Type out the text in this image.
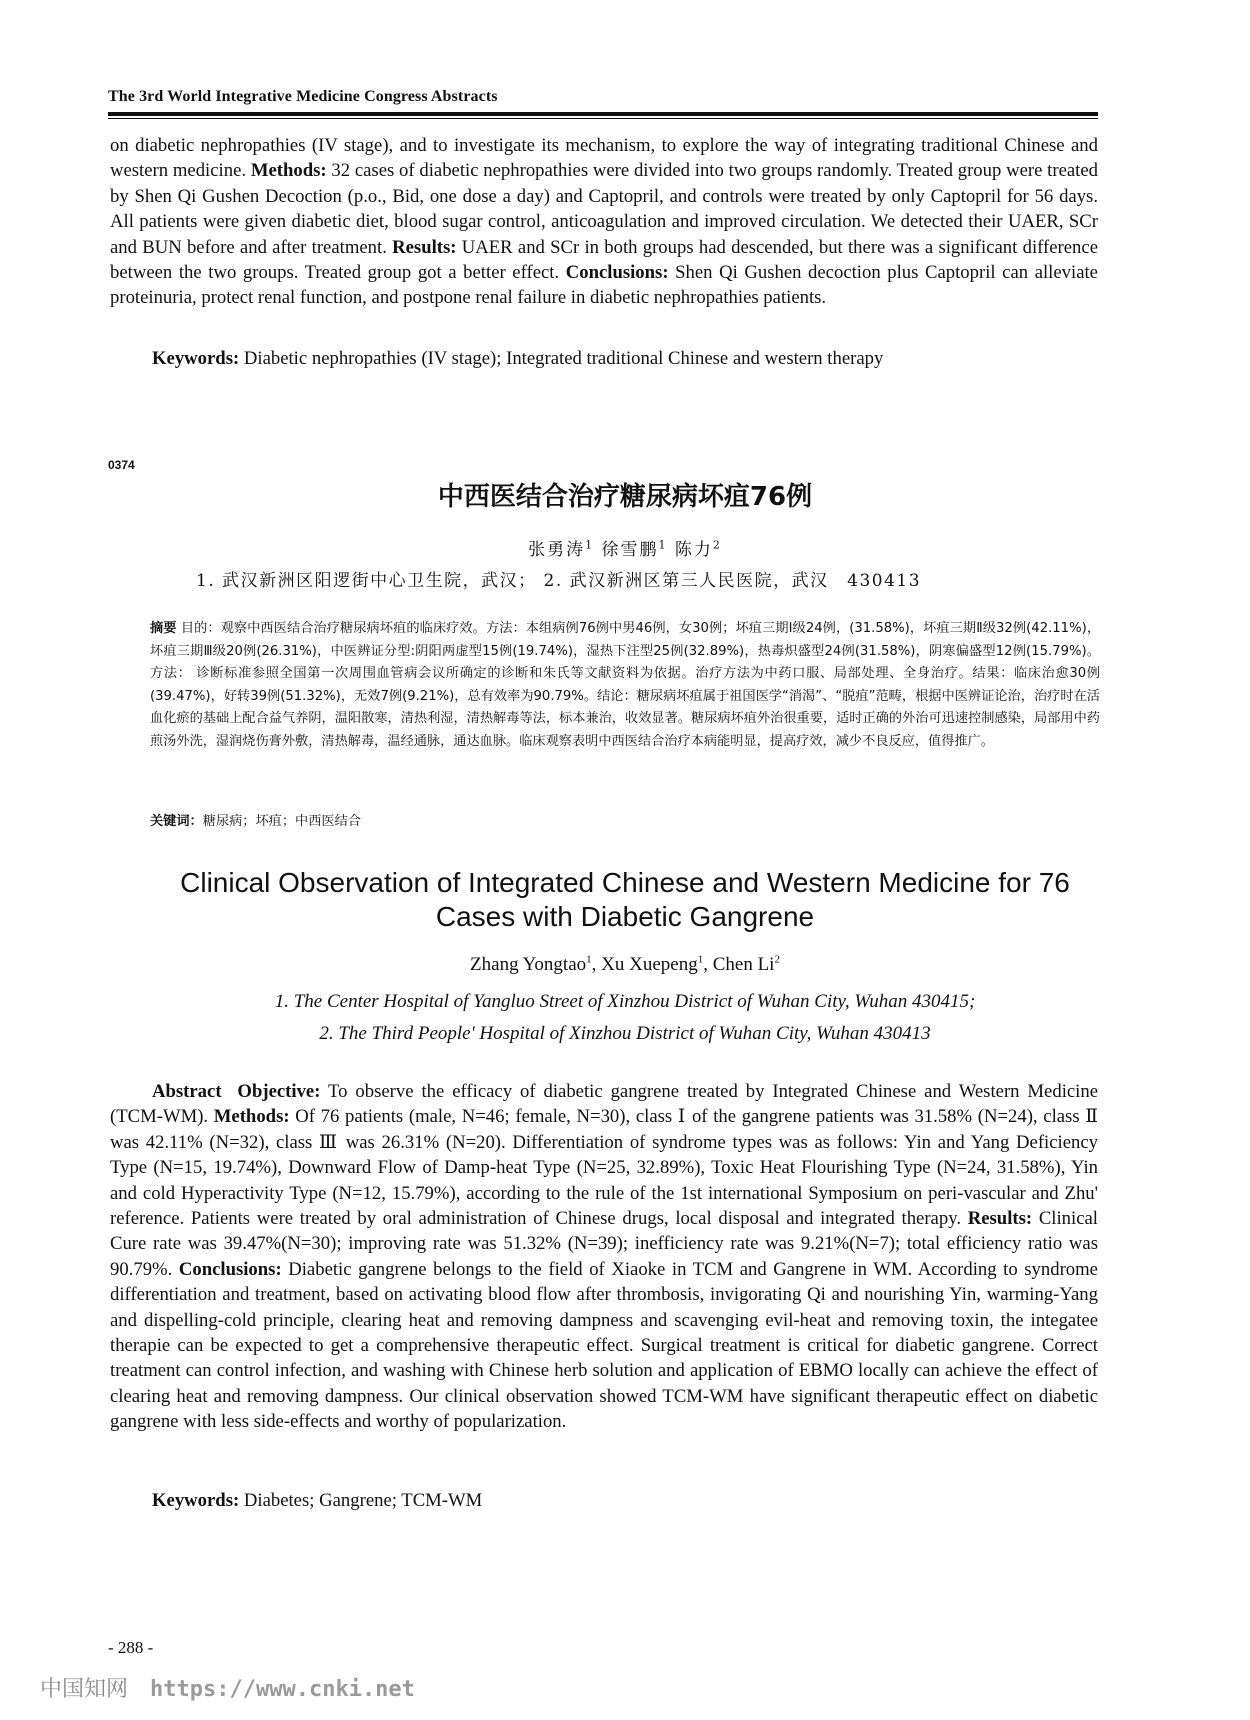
The 3rd World Integrative Medicine Congress Abstracts
on diabetic nephropathies (IV stage), and to investigate its mechanism, to explore the way of integrating traditional Chinese and western medicine. Methods: 32 cases of diabetic nephropathies were divided into two groups randomly. Treated group were treated by Shen Qi Gushen Decoction (p.o., Bid, one dose a day) and Captopril, and controls were treated by only Captopril for 56 days. All patients were given diabetic diet, blood sugar control, anticoagulation and improved circulation. We detected their UAER, SCr and BUN before and after treatment. Results: UAER and SCr in both groups had descended, but there was a significant difference between the two groups. Treated group got a better effect. Conclusions: Shen Qi Gushen decoction plus Captopril can alleviate proteinuria, protect renal function, and postpone renal failure in diabetic nephropathies patients.
Keywords: Diabetic nephropathies (IV stage); Integrated traditional Chinese and western therapy
0374
中西医结合治疗糖尿病坏疽76例
张勇涛$^1$ 徐雪鹏$^1$ 陈力$^2$
1. 武汉新洲区阳逻街中心卫生院，武汉； 2. 武汉新洲区第三人民医院，武汉　430413
摘要 目的：观察中西医结合治疗糖尿病坏疽的临床疗效。方法：本组病例76例中男46例，女30例；坏疽三期Ⅰ级24例，(31.58%)，坏疽三期Ⅱ级32例(42.11%)，坏疽三期Ⅲ级20例(26.31%)，中医辨证分型:阴阳两虚型15例(19.74%)，湿热下注型25例(32.89%)，热毒炽盛型24例(31.58%)，阴寒偏盛型12例(15.79%)。方法： 诊断标准参照全国第一次周围血管病会议所确定的诊断和朱氏等文献资料为依据。治疗方法为中药口服、局部处理、全身治疗。结果：临床治愈30例(39.47%)，好转39例(51.32%)，无效7例(9.21%)，总有效率为90.79%。结论：糖尿病坏疽属于祖国医学“消渴”、“脱疽”范畴，根据中医辨证论治，治疗时在活血化瘀的基础上配合益气养阴，温阳散寒，清热利湿，清热解毒等法，标本兼治，收效显著。糖尿病坏疽外治很重要，适时正确的外治可迅速控制感染，局部用中药煎汤外洗，湿润烧伤膏外敷，清热解毒，温经通脉，通达血脉。临床观察表明中西医结合治疗本病能明显，提高疗效，减少不良反应，值得推广。
关键词：糖尿病；坏疽；中西医结合
Clinical Observation of Integrated Chinese and Western Medicine for 76
Cases with Diabetic Gangrene
Zhang Yongtao$^1$, Xu Xuepeng$^1$, Chen Li$^2$
1. The Center Hospital of Yangluo Street of Xinzhou District of Wuhan City, Wuhan 430415;
2. The Third People' Hospital of Xinzhou District of Wuhan City, Wuhan 430413
Abstract Objective: To observe the efficacy of diabetic gangrene treated by Integrated Chinese and Western Medicine (TCM-WM). Methods: Of 76 patients (male, N=46; female, N=30), class Ⅰ of the gangrene patients was 31.58% (N=24), class Ⅱ was 42.11% (N=32), class Ⅲ was 26.31% (N=20). Differentiation of syndrome types was as follows: Yin and Yang Deficiency Type (N=15, 19.74%), Downward Flow of Damp-heat Type (N=25, 32.89%), Toxic Heat Flourishing Type (N=24, 31.58%), Yin and cold Hyperactivity Type (N=12, 15.79%), according to the rule of the 1st international Symposium on peri-vascular and Zhu' reference. Patients were treated by oral administration of Chinese drugs, local disposal and integrated therapy. Results: Clinical Cure rate was 39.47%(N=30); improving rate was 51.32% (N=39); inefficiency rate was 9.21%(N=7); total efficiency ratio was 90.79%. Conclusions: Diabetic gangrene belongs to the field of Xiaoke in TCM and Gangrene in WM. According to syndrome differentiation and treatment, based on activating blood flow after thrombosis, invigorating Qi and nourishing Yin, warming-Yang and dispelling-cold principle, clearing heat and removing dampness and scavenging evil-heat and removing toxin, the integatee therapie can be expected to get a comprehensive therapeutic effect. Surgical treatment is critical for diabetic gangrene. Correct treatment can control infection, and washing with Chinese herb solution and application of EBMO locally can achieve the effect of clearing heat and removing dampness. Our clinical observation showed TCM-WM have significant therapeutic effect on diabetic gangrene with less side-effects and worthy of popularization.
Keywords: Diabetes; Gangrene; TCM-WM
- 288 -
中国知网 https://www.cnki.net
